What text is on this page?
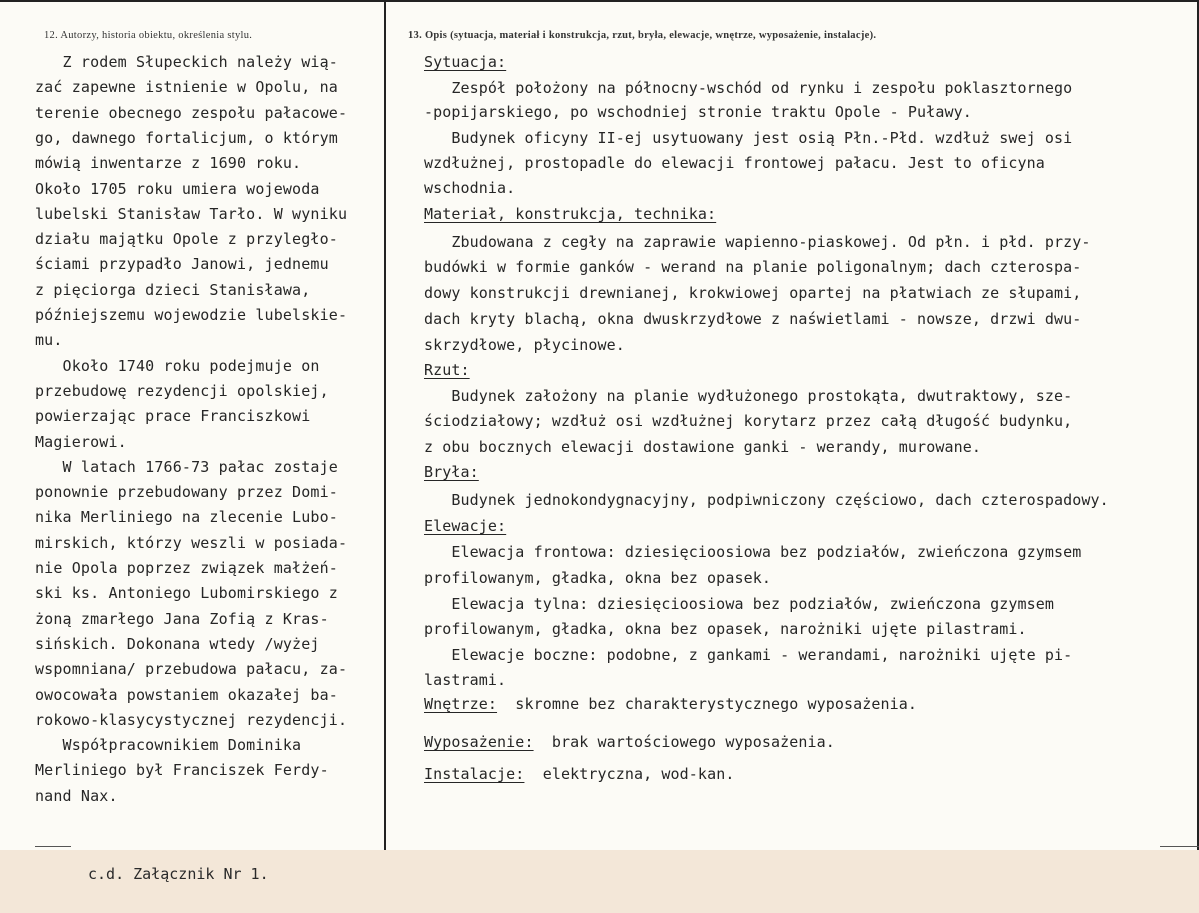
12. Autorzy, historia obiektu, określenia stylu.	13. Opis (sytuacja, materiał i konstrukcja, rzut, bryła, elewacje, wnętrze, wyposażenie, instalacje).
Z rodem Słupeckich należy wią-
zać zapewne istnienie w Opolu, na
terenie obecnego zespołu pałacowe-
go, dawnego fortalicjum, o którym
mówią inwentarze z 1690 roku.
Około 1705 roku umiera wojewoda
lubelski Stanisław Tarło. W wyniku
działu majątku Opole z przyległo-
ściami przypadło Janowi, jednemu
z pięciorga dzieci Stanisława,
późniejszemu wojewodzie lubelskie-
mu.
Około 1740 roku podejmuje on
przebudowę rezydencji opolskiej,
powierzając prace Franciszkowi
Magierowi.
W latach 1766-73 pałac zostaje
ponownie przebudowany przez Domi-
nika Merliniego na zlecenie Lubo-
mirskich, którzy weszli w posiada-
nie Opola poprzez związek małżeń-
ski ks. Antoniego Lubomirskiego z
żoną zmarłego Jana Zofią z Kras-
sińskich. Dokonana wtedy /wyżej
wspomniana/ przebudowa pałacu, za-
owocowała powstaniem okazałej ba-
rokowo-klasycystycznej rezydencji.
Współpracownikiem Dominika
Merliniego był Franciszek Ferdy-
nand Nax.
Sytuacja:
Zespół położony na północny-wschód od rynku i zespołu poklasztornego
-popijarskiego, po wschodniej stronie traktu Opole - Puławy.
Budynek oficyny II-ej usytuowany jest osią Płn.-Płd. wzdłuż swej osi
wzdłużnej, prostopadle do elewacji frontowej pałacu. Jest to oficyna
wschodnia.
Materiał, konstrukcja, technika:
Zbudowana z cegły na zaprawie wapienno-piaskowej. Od płn. i płd. przy-
budówki w formie ganków - werand na planie poligonalnym; dach czterospa-
dowy konstrukcji drewnianej, krokwiowej opartej na płatwiach ze słupami,
dach kryty blachą, okna dwuskrzydłowe z naświetlami - nowsze, drzwi dwu-
skrzydłowe, płycinowe.
Rzut:
Budynek założony na planie wydłużonego prostokąta, dwutraktowy, sze-
ściodziałowy; wzdłuż osi wzdłużnej korytarz przez całą długość budynku,
z obu bocznych elewacji dostawione ganki - werandy, murowane.
Bryła:
Budynek jednokondygnacyjny, podpiwniczony częściowo, dach czterospadowy.
Elewacje:
Elewacja frontowa: dziesięcioosiowa bez podziałów, zwieńczona gzymsem
profilowanym, gładka, okna bez opasek.
Elewacja tylna: dziesięcioosiowa bez podziałów, zwieńczona gzymsem
profilowanym, gładka, okna bez opasek, narożniki ujęte pilastrami.
Elewacje boczne: podobne, z gankami - werandami, narożniki ujęte pi-
lastrami.
Wnętrze:  skromne bez charakterystycznego wyposażenia.
Wyposażenie:  brak wartościowego wyposażenia.
Instalacje:  elektryczna, wod-kan.
c.d. Załącznik Nr 1.
